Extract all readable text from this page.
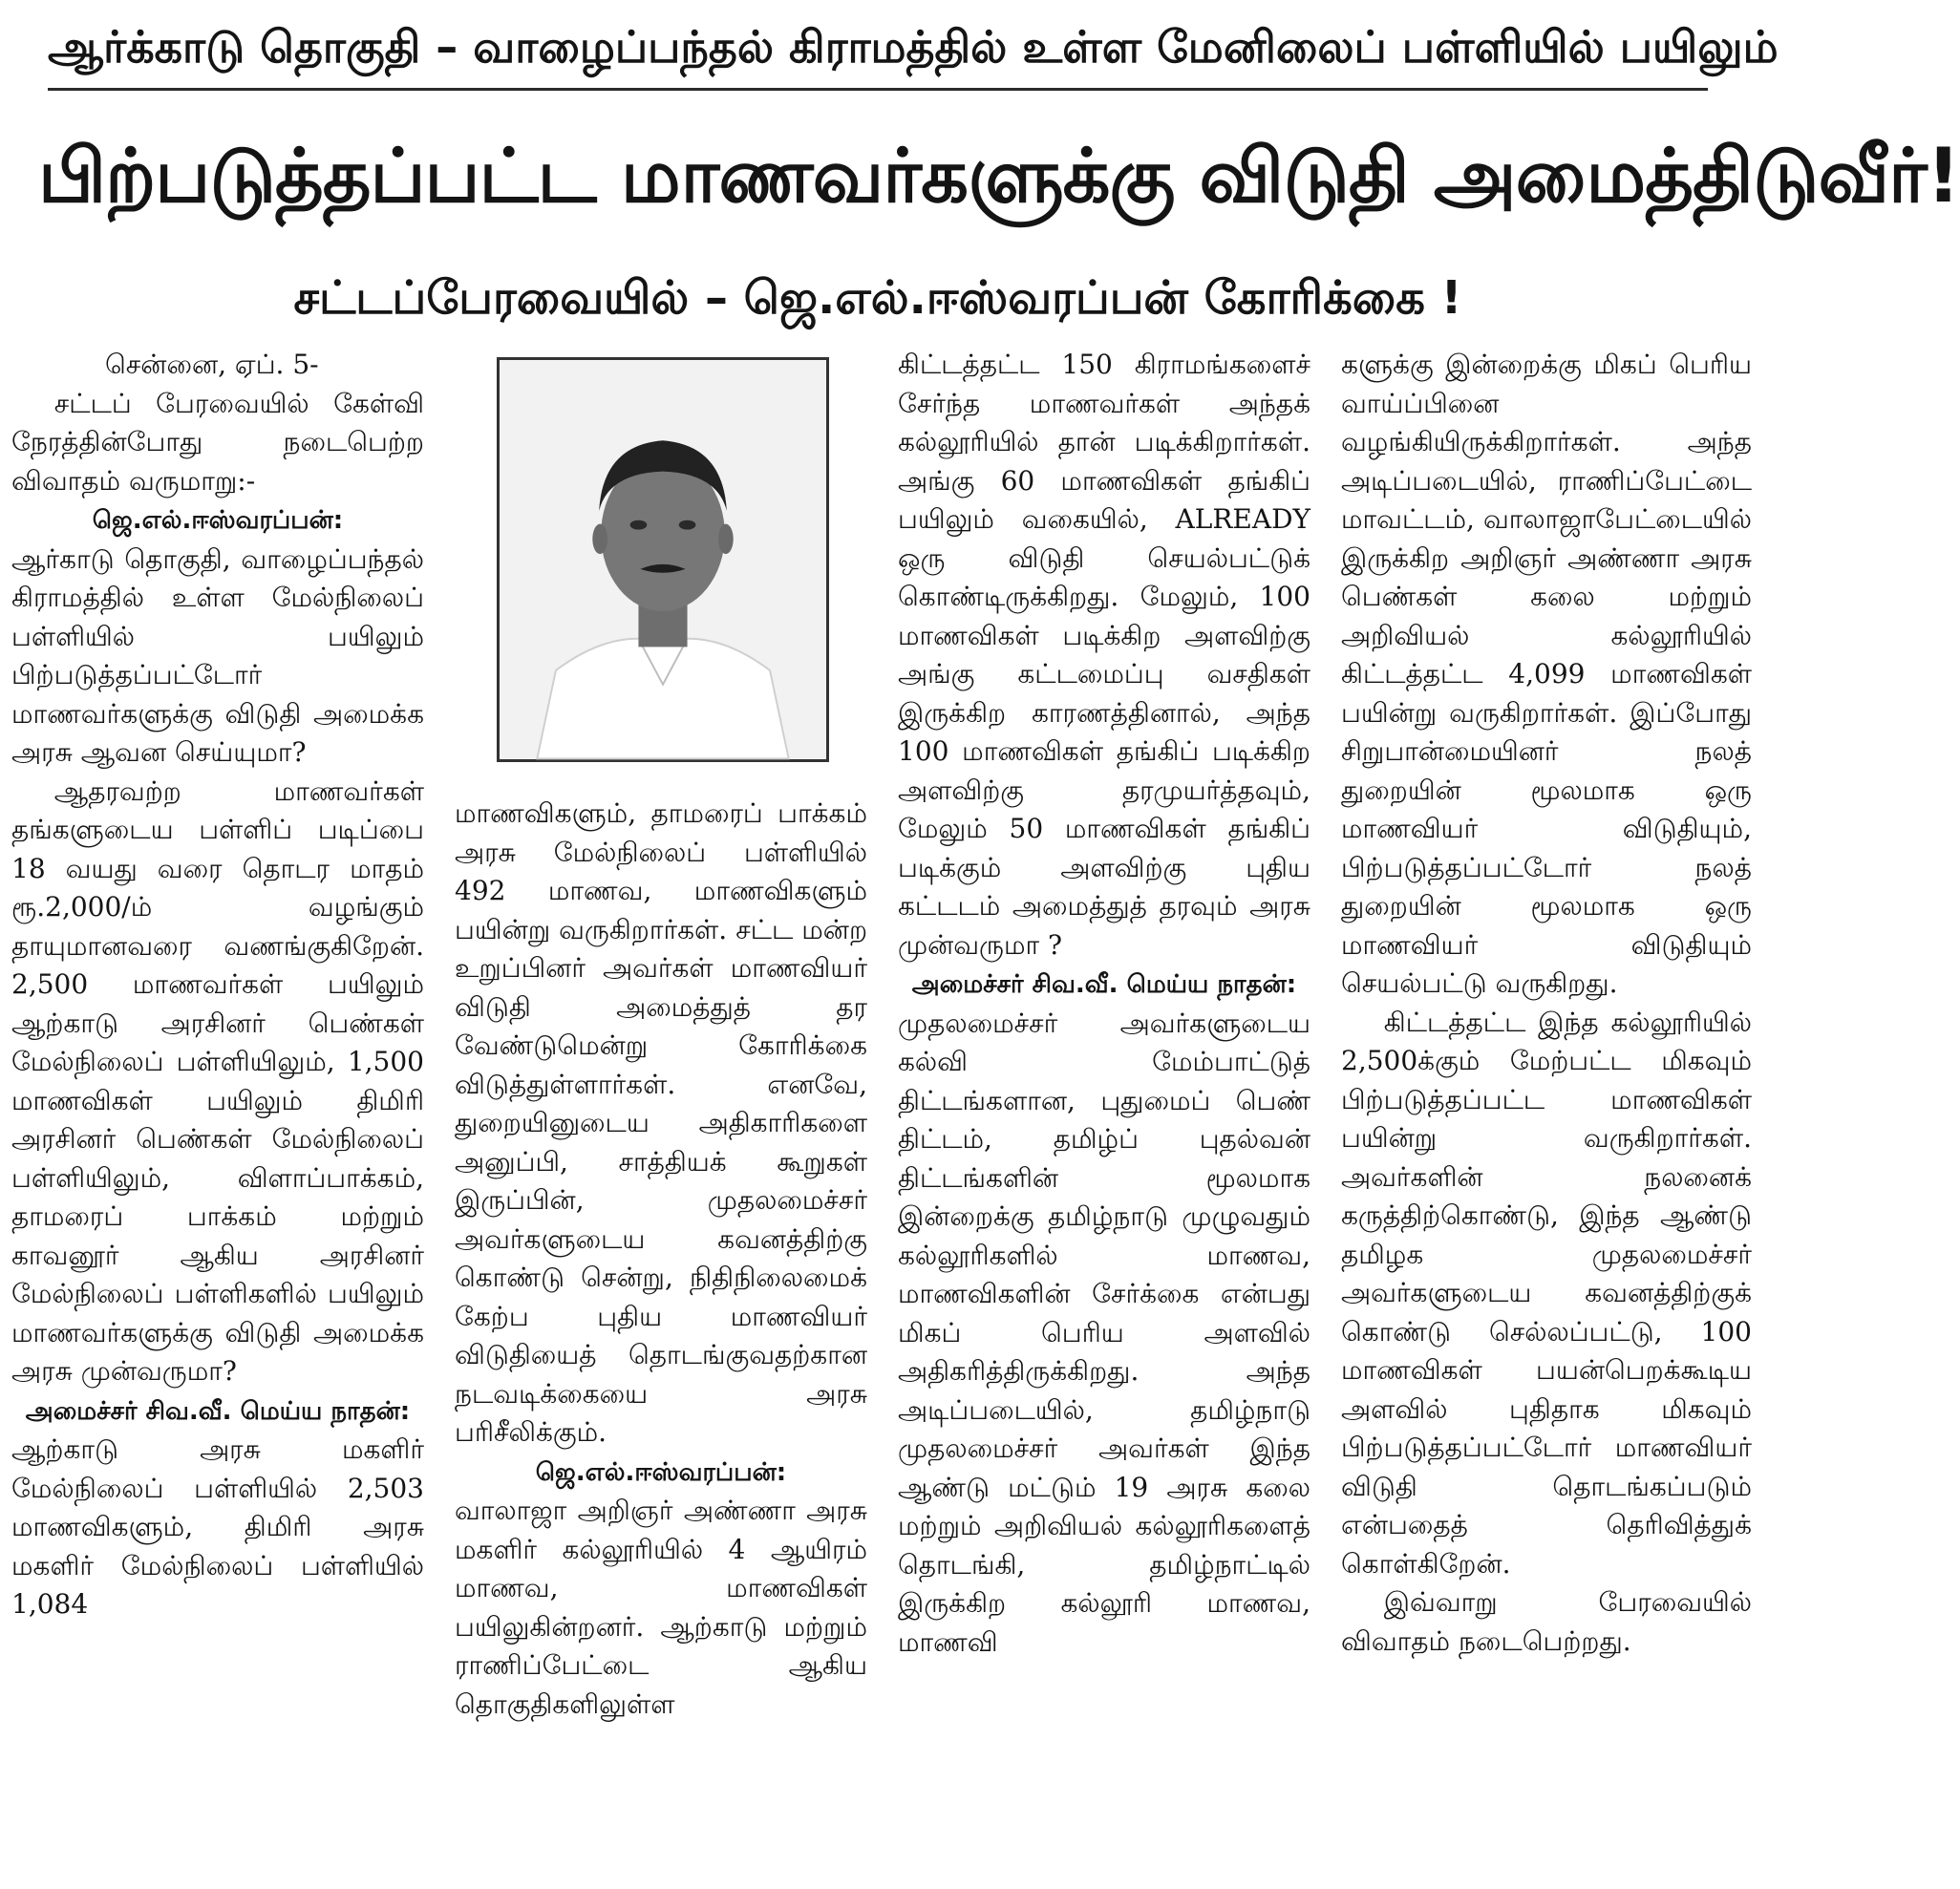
ஆர்க்காடு தொகுதி – வாழைப்பந்தல் கிராமத்தில் உள்ள மேனிலைப் பள்ளியில் பயிலும்
பிற்படுத்தப்பட்ட மாணவர்களுக்கு விடுதி அமைத்திடுவீர்!
சட்டப்பேரவையில் – ஜெ.எல்.ஈஸ்வரப்பன் கோரிக்கை !

சென்னை, ஏப். 5-

சட்டப் பேரவையில் கேள்வி நேரத்தின்போது நடைபெற்ற விவாதம் வருமாறு:-

ஜெ.எல்.ஈஸ்வரப்பன்:

ஆர்காடு தொகுதி, வாழைப்பந்தல் கிராமத்தில் உள்ள மேல்நிலைப் பள்ளியில் பயிலும் பிற்படுத்தப்பட்டோர் மாணவர்களுக்கு விடுதி அமைக்க அரசு ஆவன செய்யுமா?

ஆதரவற்ற மாணவர்கள் தங்களுடைய பள்ளிப் படிப்பை 18 வயது வரை தொடர மாதம் ரூ.2,000/ம் வழங்கும் தாயுமானவரை வணங்குகிறேன். 2,500 மாணவர்கள் பயிலும் ஆற்காடு அரசினர் பெண்கள் மேல்நிலைப் பள்ளியிலும், 1,500 மாணவிகள் பயிலும் திமிரி அரசினர் பெண்கள் மேல்நிலைப் பள்ளியிலும், விளாப்பாக்கம், தாமரைப் பாக்கம் மற்றும் காவனூர் ஆகிய அரசினர் மேல்நிலைப் பள்ளிகளில் பயிலும் மாணவர்களுக்கு விடுதி அமைக்க அரசு முன்வருமா?

அமைச்சர் சிவ.வீ. மெய்ய நாதன்:

ஆற்காடு அரசு மகளிர் மேல்நிலைப் பள்ளியில் 2,503 மாணவிகளும், திமிரி அரசு மகளிர் மேல்நிலைப் பள்ளியில் 1,084

மாணவிகளும், தாமரைப் பாக்கம் அரசு மேல்நிலைப் பள்ளியில் 492 மாணவ, மாணவிகளும் பயின்று வருகிறார்கள். சட்ட மன்ற உறுப்பினர் அவர்கள் மாணவியர் விடுதி அமைத்துத் தர வேண்டுமென்று கோரிக்கை விடுத்துள்ளார்கள். எனவே, துறையினுடைய அதிகாரிகளை அனுப்பி, சாத்தியக் கூறுகள் இருப்பின், முதலமைச்சர் அவர்களுடைய கவனத்திற்கு கொண்டு சென்று, நிதிநிலைமைக் கேற்ப புதிய மாணவியர் விடுதியைத் தொடங்குவதற்கான நடவடிக்கையை அரசு பரிசீலிக்கும்.

ஜெ.எல்.ஈஸ்வரப்பன்:

வாலாஜா அறிஞர் அண்ணா அரசு மகளிர் கல்லூரியில் 4 ஆயிரம் மாணவ, மாணவிகள் பயிலுகின்றனர். ஆற்காடு மற்றும் ராணிப்பேட்டை ஆகிய தொகுதிகளிலுள்ள

கிட்டத்தட்ட 150 கிராமங்களைச் சேர்ந்த மாணவர்கள் அந்தக் கல்லூரியில் தான் படிக்கிறார்கள். அங்கு 60 மாணவிகள் தங்கிப் பயிலும் வகையில், ALREADY ஒரு விடுதி செயல்பட்டுக் கொண்டிருக்கிறது. மேலும், 100 மாணவிகள் படிக்கிற அளவிற்கு அங்கு கட்டமைப்பு வசதிகள் இருக்கிற காரணத்தினால், அந்த 100 மாணவிகள் தங்கிப் படிக்கிற அளவிற்கு தரமுயர்த்தவும், மேலும் 50 மாணவிகள் தங்கிப் படிக்கும் அளவிற்கு புதிய கட்டடம் அமைத்துத் தரவும் அரசு முன்வருமா ?

அமைச்சர் சிவ.வீ. மெய்ய நாதன்:

முதலமைச்சர் அவர்களுடைய கல்வி மேம்பாட்டுத் திட்டங்களான, புதுமைப் பெண் திட்டம், தமிழ்ப் புதல்வன் திட்டங்களின் மூலமாக இன்றைக்கு தமிழ்நாடு முழுவதும் கல்லூரிகளில் மாணவ, மாணவிகளின் சேர்க்கை என்பது மிகப் பெரிய அளவில் அதிகரித்திருக்கிறது. அந்த அடிப்படையில், தமிழ்நாடு முதலமைச்சர் அவர்கள் இந்த ஆண்டு மட்டும் 19 அரசு கலை மற்றும் அறிவியல் கல்லூரிகளைத் தொடங்கி, தமிழ்நாட்டில் இருக்கிற கல்லூரி மாணவ, மாணவி

களுக்கு இன்றைக்கு மிகப் பெரிய வாய்ப்பினை வழங்கியிருக்கிறார்கள். அந்த அடிப்படையில், ராணிப்பேட்டை மாவட்டம், வாலாஜாபேட்டையில் இருக்கிற அறிஞர் அண்ணா அரசு பெண்கள் கலை மற்றும் அறிவியல் கல்லூரியில் கிட்டத்தட்ட 4,099 மாணவிகள் பயின்று வருகிறார்கள். இப்போது சிறுபான்மையினர் நலத் துறையின் மூலமாக ஒரு மாணவியர் விடுதியும், பிற்படுத்தப்பட்டோர் நலத் துறையின் மூலமாக ஒரு மாணவியர் விடுதியும் செயல்பட்டு வருகிறது.

கிட்டத்தட்ட இந்த கல்லூரியில் 2,500க்கும் மேற்பட்ட மிகவும் பிற்படுத்தப்பட்ட மாணவிகள் பயின்று வருகிறார்கள். அவர்களின் நலனைக் கருத்திற்கொண்டு, இந்த ஆண்டு தமிழக முதலமைச்சர் அவர்களுடைய கவனத்திற்குக் கொண்டு செல்லப்பட்டு, 100 மாணவிகள் பயன்பெறக்கூடிய அளவில் புதிதாக மிகவும் பிற்படுத்தப்பட்டோர் மாணவியர் விடுதி தொடங்கப்படும் என்பதைத் தெரிவித்துக் கொள்கிறேன்.

இவ்வாறு பேரவையில் விவாதம் நடைபெற்றது.
